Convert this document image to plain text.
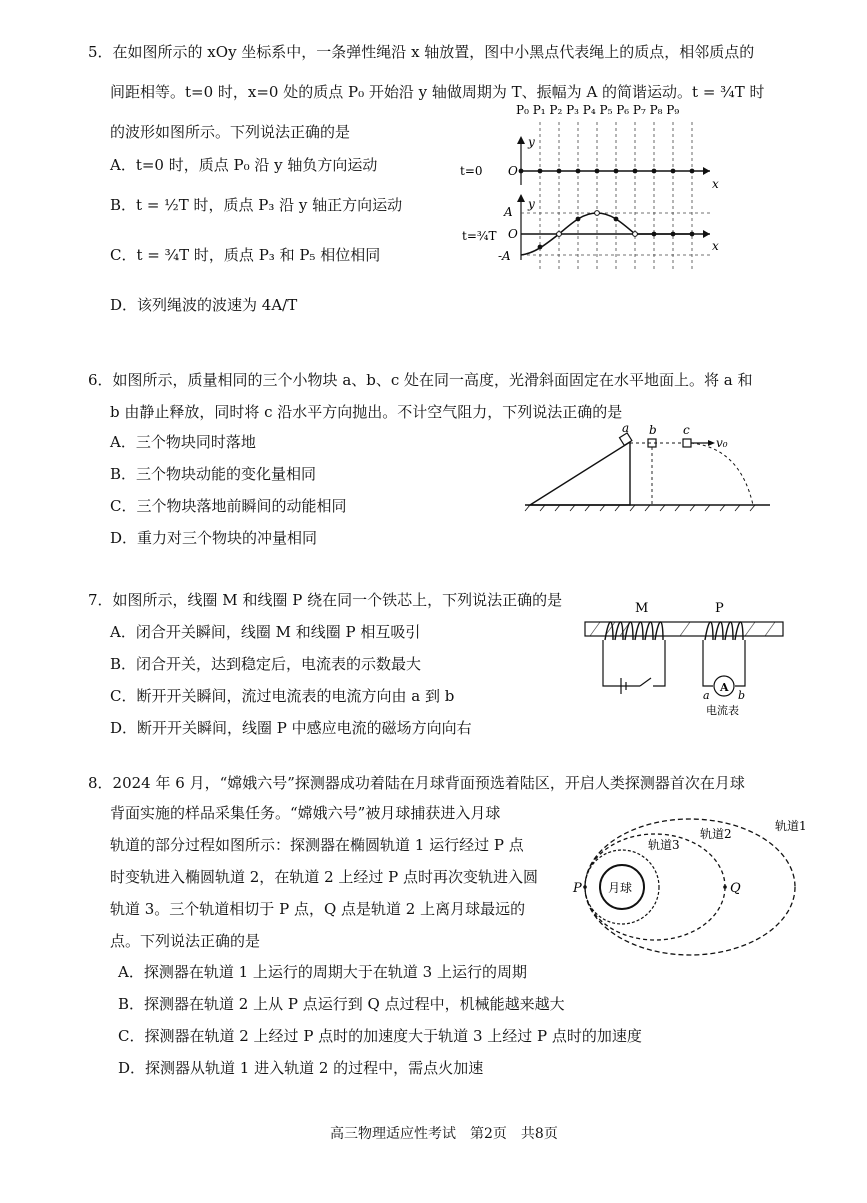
5．在如图所示的 xOy 坐标系中，一条弹性绳沿 x 轴放置，图中小黑点代表绳上的质点，相邻质点的
间距相等。t=0 时，x=0 处的质点 P₀ 开始沿 y 轴做周期为 T、振幅为 A 的简谐运动。t = ¾T 时
的波形如图所示。下列说法正确的是
A．t=0 时，质点 P₀ 沿 y 轴负方向运动
B．t = ½T 时，质点 P₃ 沿 y 轴正方向运动
C．t = ¾T 时，质点 P₃ 和 P₅ 相位相同
D．该列绳波的波速为 4A/T
P₀ P₁ P₂ P₃ P₄ P₅ P₆ P₇ P₈ P₉
t=0 O
y
x
y
A
t=¾T O
-A
x
6．如图所示，质量相同的三个小物块 a、b、c 处在同一高度，光滑斜面固定在水平地面上。将 a 和
b 由静止释放，同时将 c 沿水平方向抛出。不计空气阻力，下列说法正确的是
A．三个物块同时落地
B．三个物块动能的变化量相同
C．三个物块落地前瞬间的动能相同
D．重力对三个物块的冲量相同
a b c
v₀
7．如图所示，线圈 M 和线圈 P 绕在同一个铁芯上，下列说法正确的是
A．闭合开关瞬间，线圈 M 和线圈 P 相互吸引
B．闭合开关，达到稳定后，电流表的示数最大
C．断开开关瞬间，流过电流表的电流方向由 a 到 b
D．断开开关瞬间，线圈 P 中感应电流的磁场方向向右
M	P
A
a	b
电流表
8．2024 年 6 月，“嫦娥六号”探测器成功着陆在月球背面预选着陆区，开启人类探测器首次在月球
背面实施的样品采集任务。“嫦娥六号”被月球捕获进入月球
轨道的部分过程如图所示：探测器在椭圆轨道 1 运行经过 P 点
时变轨进入椭圆轨道 2，在轨道 2 上经过 P 点时再次变轨进入圆
轨道 3。三个轨道相切于 P 点，Q 点是轨道 2 上离月球最远的
点。下列说法正确的是
A．探测器在轨道 1 上运行的周期大于在轨道 3 上运行的周期
B．探测器在轨道 2 上从 P 点运行到 Q 点过程中，机械能越来越大
C．探测器在轨道 2 上经过 P 点时的加速度大于轨道 3 上经过 P 点时的加速度
D．探测器从轨道 1 进入轨道 2 的过程中，需点火加速
月球
轨道1
轨道2
轨道3
P	Q
高三物理适应性考试　第2页　共8页
